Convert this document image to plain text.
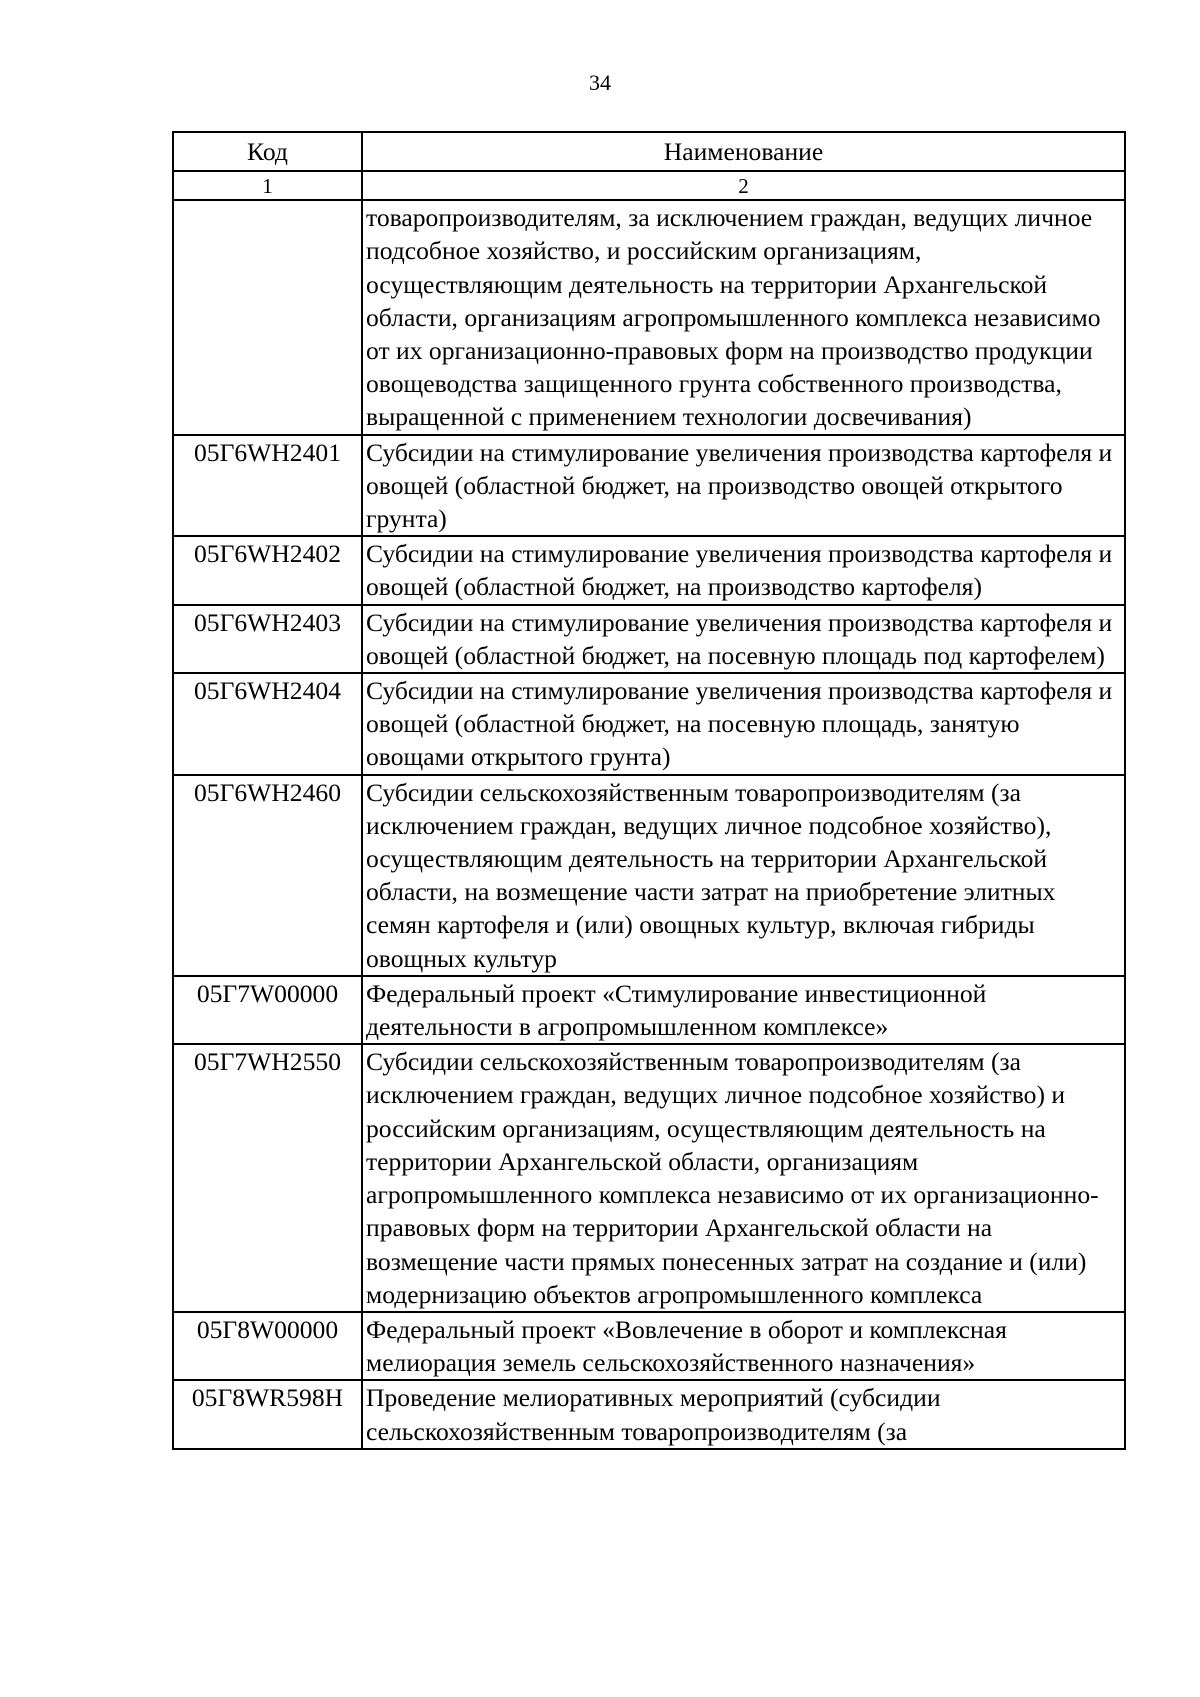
34
Код	Наименование
1	2
	товаропроизводителям, за исключением граждан, ведущих личное подсобное хозяйство, и российским организациям, осуществляющим деятельность на территории Архангельской области, организациям агропромышленного комплекса независимо от их организационно-правовых форм на производство продукции овощеводства защищенного грунта собственного производства, выращенной с применением технологии досвечивания)
05Г6WH2401	Субсидии на стимулирование увеличения производства картофеля и овощей (областной бюджет, на производство овощей открытого грунта)
05Г6WH2402	Субсидии на стимулирование увеличения производства картофеля и овощей (областной бюджет, на производство картофеля)
05Г6WH2403	Субсидии на стимулирование увеличения производства картофеля и овощей (областной бюджет, на посевную площадь под картофелем)
05Г6WH2404	Субсидии на стимулирование увеличения производства картофеля и овощей (областной бюджет, на посевную площадь, занятую овощами открытого грунта)
05Г6WH2460	Субсидии сельскохозяйственным товаропроизводителям (за исключением граждан, ведущих личное подсобное хозяйство), осуществляющим деятельность на территории Архангельской области, на возмещение части затрат на приобретение элитных семян картофеля и (или) овощных культур, включая гибриды овощных культур
05Г7W00000	Федеральный проект «Стимулирование инвестиционной деятельности в агропромышленном комплексе»
05Г7WH2550	Субсидии сельскохозяйственным товаропроизводителям (за исключением граждан, ведущих личное подсобное хозяйство) и российским организациям, осуществляющим деятельность на территории Архангельской области, организациям агропромышленного комплекса независимо от их организационно-правовых форм на территории Архангельской области на возмещение части прямых понесенных затрат на создание и (или) модернизацию объектов агропромышленного комплекса
05Г8W00000	Федеральный проект «Вовлечение в оборот и комплексная мелиорация земель сельскохозяйственного назначения»
05Г8WR598H	Проведение мелиоративных мероприятий (субсидии сельскохозяйственным товаропроизводителям (за
